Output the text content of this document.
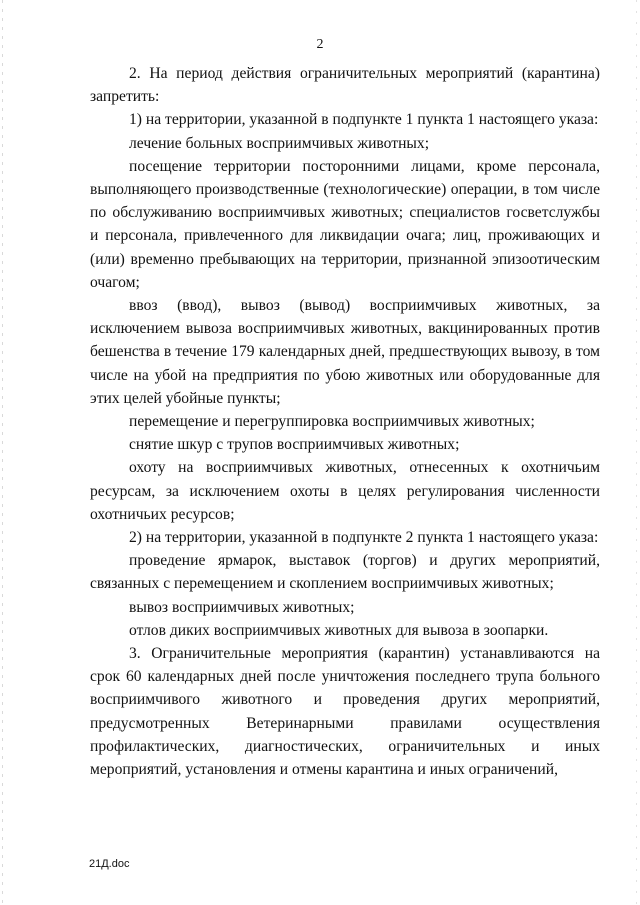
2

2. На период действия ограничительных мероприятий (карантина) запретить:

1) на территории, указанной в подпункте 1 пункта 1 настоящего указа:

лечение больных восприимчивых животных;

посещение территории посторонними лицами, кроме персонала, выполняющего производственные (технологические) операции, в том числе по обслуживанию восприимчивых животных; специалистов госветслужбы и персонала, привлеченного для ликвидации очага; лиц, проживающих и (или) временно пребывающих на территории, признанной эпизоотическим очагом;

ввоз (ввод), вывоз (вывод) восприимчивых животных, за исключением вывоза восприимчивых животных, вакцинированных против бешенства в течение 179 календарных дней, предшествующих вывозу, в том числе на убой на предприятия по убою животных или оборудованные для этих целей убойные пункты;

перемещение и перегруппировка восприимчивых животных;

снятие шкур с трупов восприимчивых животных;

охоту на восприимчивых животных, отнесенных к охотничьим ресурсам, за исключением охоты в целях регулирования численности охотничьих ресурсов;

2) на территории, указанной в подпункте 2 пункта 1 настоящего указа:

проведение ярмарок, выставок (торгов) и других мероприятий, связанных с перемещением и скоплением восприимчивых животных;

вывоз восприимчивых животных;

отлов диких восприимчивых животных для вывоза в зоопарки.

3. Ограничительные мероприятия (карантин) устанавливаются на срок 60 календарных дней после уничтожения последнего трупа больного восприимчивого животного и проведения других мероприятий, предусмотренных Ветеринарными правилами осуществления профилактических, диагностических, ограничительных и иных мероприятий, установления и отмены карантина и иных ограничений,

21Д.doc
